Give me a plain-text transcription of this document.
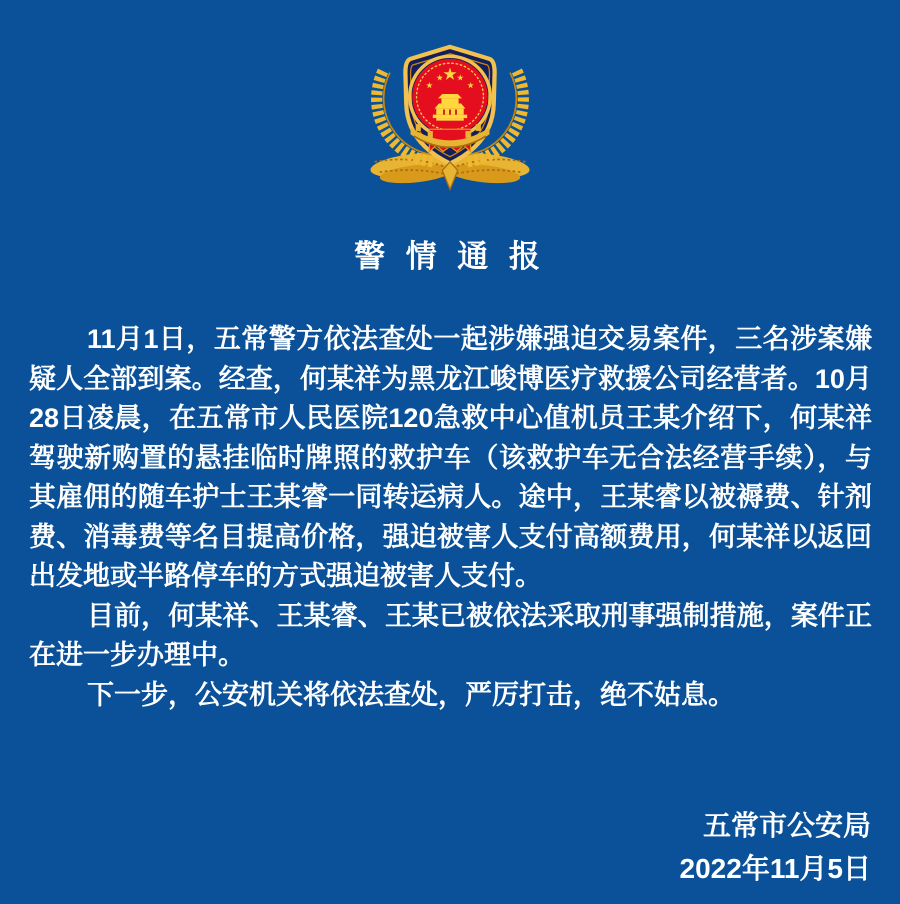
警 情 通 报

11月1日，五常警方依法查处一起涉嫌强迫交易案件，三名涉案嫌疑人全部到案。经查，何某祥为黑龙江峻博医疗救援公司经营者。10月28日凌晨，在五常市人民医院120急救中心值机员王某介绍下，何某祥驾驶新购置的悬挂临时牌照的救护车（该救护车无合法经营手续），与其雇佣的随车护士王某睿一同转运病人。途中，王某睿以被褥费、针剂费、消毒费等名目提高价格，强迫被害人支付高额费用，何某祥以返回出发地或半路停车的方式强迫被害人支付。

目前，何某祥、王某睿、王某已被依法采取刑事强制措施，案件正在进一步办理中。

下一步，公安机关将依法查处，严厉打击，绝不姑息。

五常市公安局
2022年11月5日
